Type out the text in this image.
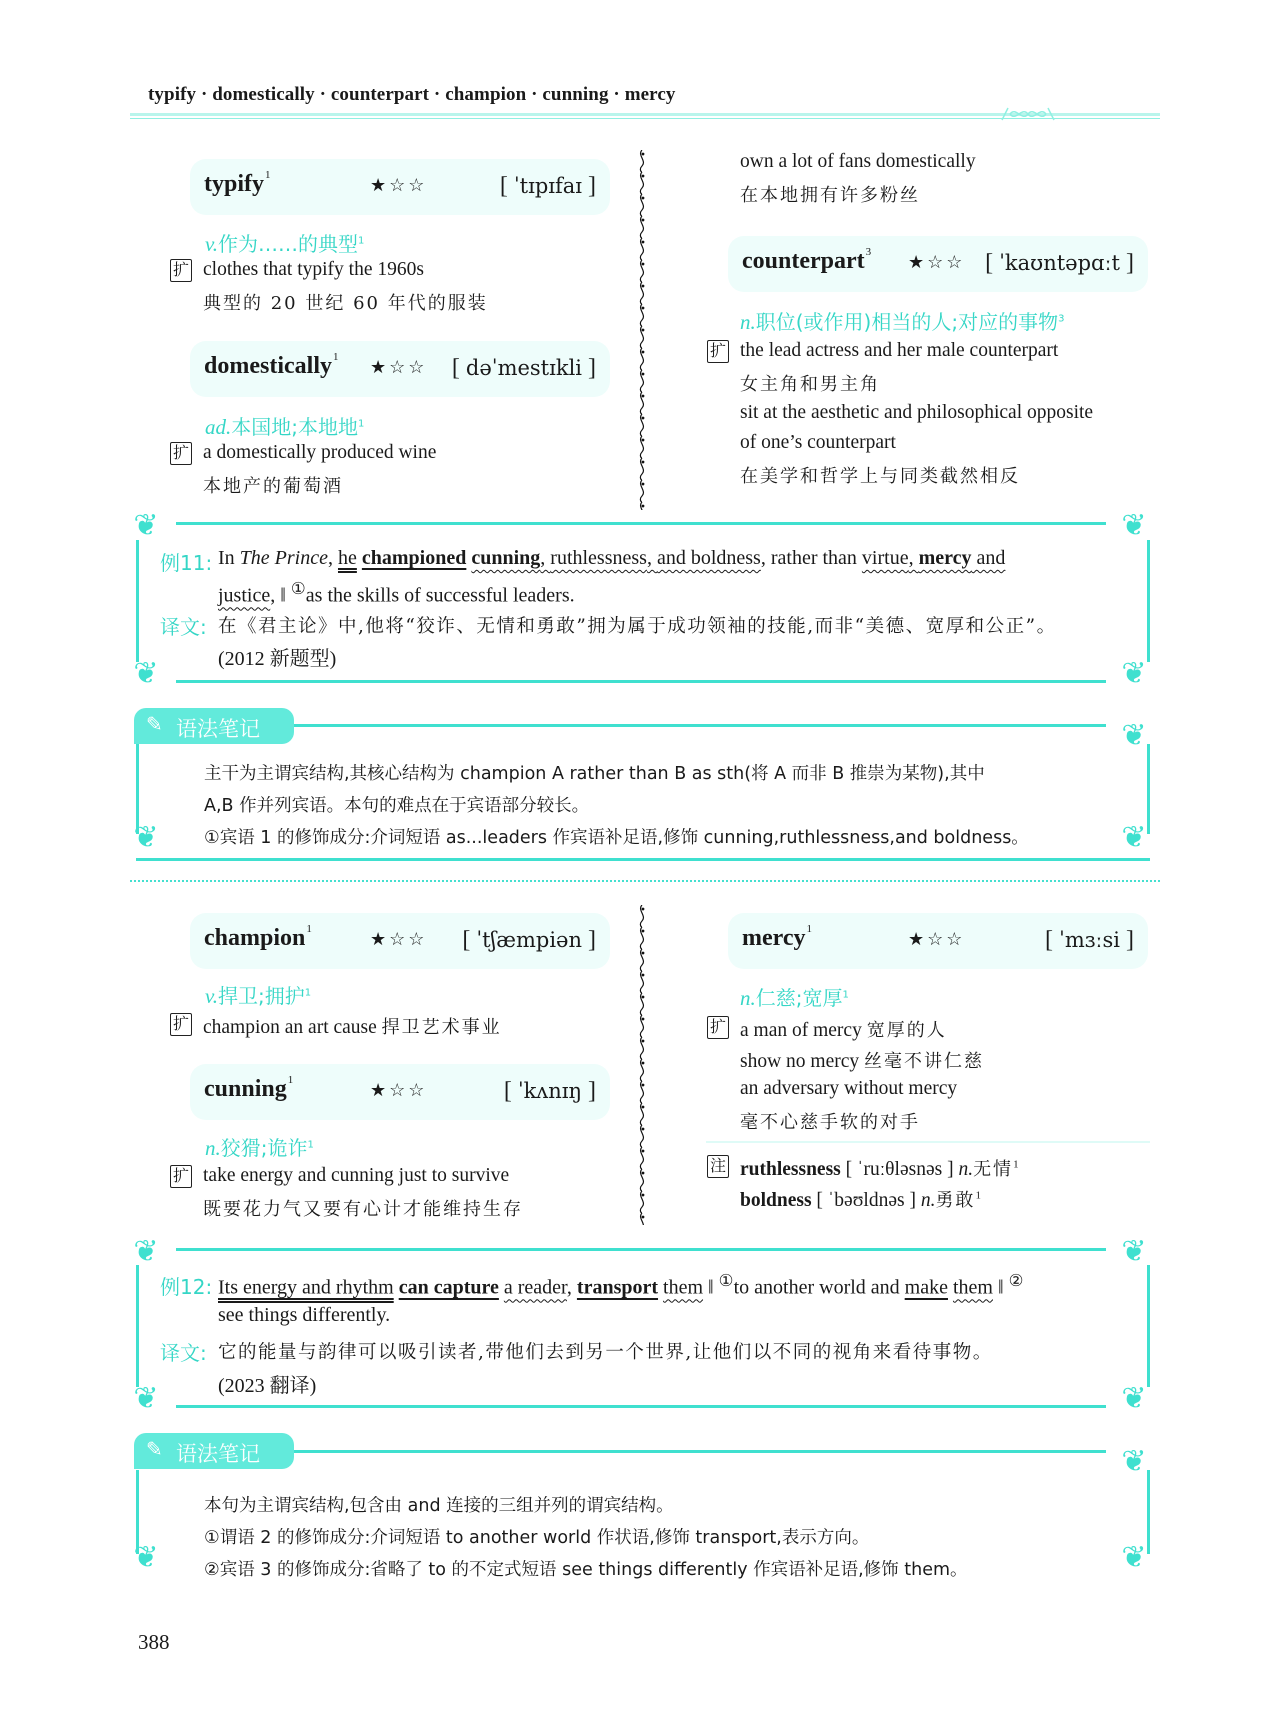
typify · domestically · counterpart · champion · cunning · mercy
typify$^1$	★☆☆	[ ˈtɪpɪfaɪ ]
v.作为……的典型$^1$
扩 clothes that typify the 1960s
典型的 20 世纪 60 年代的服装
domestically$^1$ ★☆☆ [ dəˈmestɪkli ]
ad.本国地;本地地$^1$
扩 a domestically produced wine
本地产的葡萄酒
own a lot of fans domestically
在本地拥有许多粉丝
counterpart$^3$ ★☆☆ [ ˈkaʊntəpɑːt ]
n.职位(或作用)相当的人;对应的事物$^3$
扩 the lead actress and her male counterpart
女主角和男主角
sit at the aesthetic and philosophical opposite
of one’s counterpart
在美学和哲学上与同类截然相反
❦	❦
❦	❦
例11: In The Prince, he championed cunning, ruthlessness, and boldness, rather than virtue, mercy and
justice, ‖ ①as the skills of successful leaders.
译文: 在《君主论》中,他将“狡诈、无情和勇敢”拥为属于成功领袖的技能,而非“美德、宽厚和公正”。
(2012 新题型)
✎ 语法笔记	❦
❦	❦
主干为主谓宾结构,其核心结构为 champion A rather than B as sth(将 A 而非 B 推崇为某物),其中
A,B 作并列宾语。本句的难点在于宾语部分较长。
①宾语 1 的修饰成分:介词短语 as...leaders 作宾语补足语,修饰 cunning,ruthlessness,and boldness。
champion$^1$	★☆☆ [ ˈtʃæmpiən ]
v.捍卫;拥护$^1$
扩 champion an art cause 捍卫艺术事业
cunning$^1$	★☆☆	[ ˈkʌnɪŋ ]
n.狡猾;诡诈$^1$
扩 take energy and cunning just to survive
既要花力气又要有心计才能维持生存
mercy$^1$	★☆☆	[ ˈmɜːsi ]
n.仁慈;宽厚$^1$
扩 a man of mercy 宽厚的人
show no mercy 丝毫不讲仁慈
an adversary without mercy
毫不心慈手软的对手
注 ruthlessness [ ˈruːθləsnəs ] n.无情$^1$
boldness [ ˈbəʊldnəs ] n.勇敢$^1$
❦	❦
❦	❦
例12: Its energy and rhythm can capture a reader, transport them ‖ ①to another world and make them ‖ ②
see things differently.
译文: 它的能量与韵律可以吸引读者,带他们去到另一个世界,让他们以不同的视角来看待事物。
(2023 翻译)
✎ 语法笔记	❦
❦	❦
本句为主谓宾结构,包含由 and 连接的三组并列的谓宾结构。
①谓语 2 的修饰成分:介词短语 to another world 作状语,修饰 transport,表示方向。
②宾语 3 的修饰成分:省略了 to 的不定式短语 see things differently 作宾语补足语,修饰 them。
388
